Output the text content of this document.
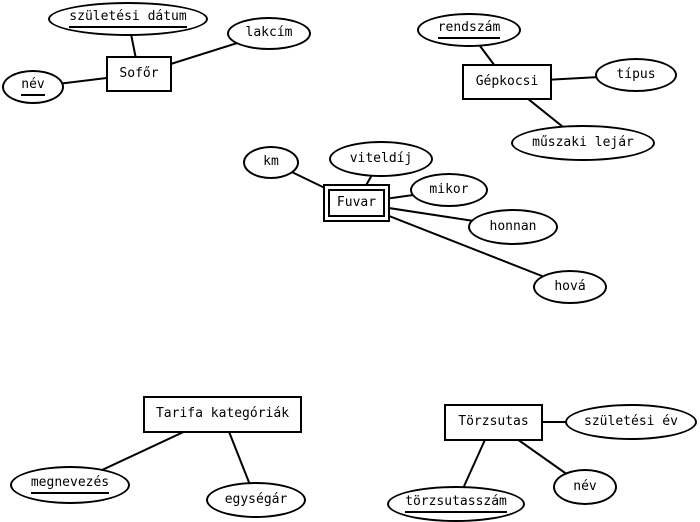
Sofőr
Gépkocsi
Fuvar
Tarifa kategóriák
Törzsutas
születési dátum
lakcím
név
rendszám
típus
műszaki lejár
km	viteldíj
mikor
honnan
hová
megnevezés
egységár
születési év
név
törzsutasszám
